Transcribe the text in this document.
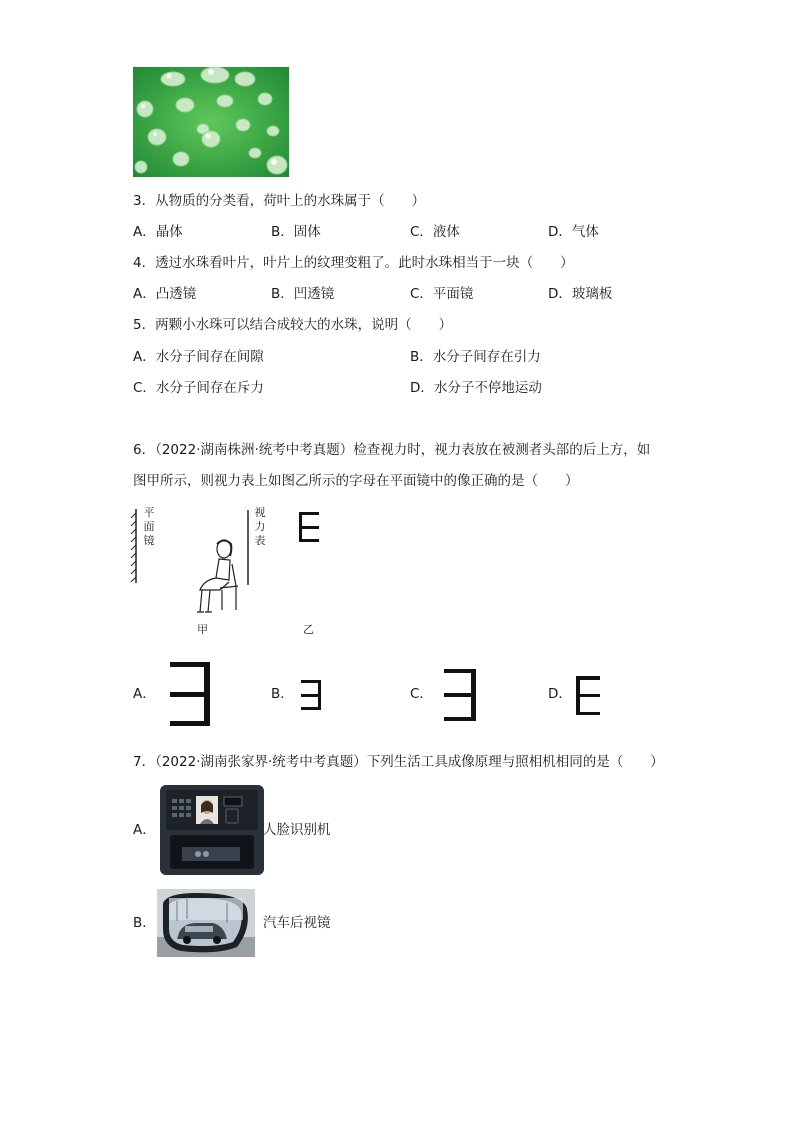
3．从物质的分类看，荷叶上的水珠属于（　　）
A．晶体	B．固体	C．液体	D．气体
4．透过水珠看叶片，叶片上的纹理变粗了。此时水珠相当于一块（　　）
A．凸透镜	B．凹透镜	C．平面镜	D．玻璃板
5．两颗小水珠可以结合成较大的水珠，说明（　　）
A．水分子间存在间隙	B．水分子间存在引力
C．水分子间存在斥力	D．水分子不停地运动
6．（2022·湖南株洲·统考中考真题）检查视力时，视力表放在被测者头部的后上方，如
图甲所示，则视力表上如图乙所示的字母在平面镜中的像正确的是（　　）
平面镜
视力表
甲	乙
A．	B．	C．	D．
7．（2022·湖南张家界·统考中考真题）下列生活工具成像原理与照相机相同的是（　　）
A．	人脸识别机
B．	汽车后视镜
